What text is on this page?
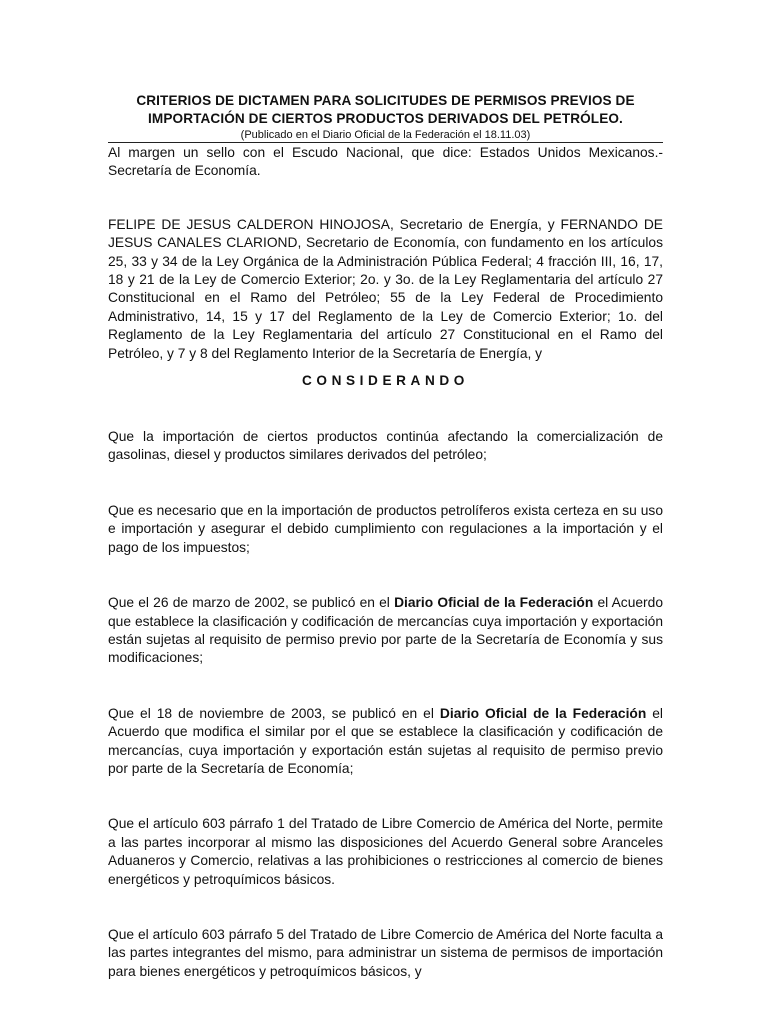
CRITERIOS DE DICTAMEN PARA SOLICITUDES DE PERMISOS PREVIOS DE
IMPORTACIÓN DE CIERTOS PRODUCTOS DERIVADOS DEL PETRÓLEO.
(Publicado en el Diario Oficial de la Federación el 18.11.03)

Al margen un sello con el Escudo Nacional, que dice: Estados Unidos Mexicanos.- Secretaría de Economía.

FELIPE DE JESUS CALDERON HINOJOSA, Secretario de Energía, y FERNANDO DE JESUS CANALES CLARIOND, Secretario de Economía, con fundamento en los artículos 25, 33 y 34 de la Ley Orgánica de la Administración Pública Federal; 4 fracción III, 16, 17, 18 y 21 de la Ley de Comercio Exterior; 2o. y 3o. de la Ley Reglamentaria del artículo 27 Constitucional en el Ramo del Petróleo; 55 de la Ley Federal de Procedimiento Administrativo, 14, 15 y 17 del Reglamento de la Ley de Comercio Exterior; 1o. del Reglamento de la Ley Reglamentaria del artículo 27 Constitucional en el Ramo del Petróleo, y 7 y 8 del Reglamento Interior de la Secretaría de Energía, y

CONSIDERANDO

Que la importación de ciertos productos continúa afectando la comercialización de gasolinas, diesel y productos similares derivados del petróleo;

Que es necesario que en la importación de productos petrolíferos exista certeza en su uso e importación y asegurar el debido cumplimiento con regulaciones a la importación y el pago de los impuestos;

Que el 26 de marzo de 2002, se publicó en el Diario Oficial de la Federación el Acuerdo que establece la clasificación y codificación de mercancías cuya importación y exportación están sujetas al requisito de permiso previo por parte de la Secretaría de Economía y sus modificaciones;

Que el 18 de noviembre de 2003, se publicó en el Diario Oficial de la Federación el Acuerdo que modifica el similar por el que se establece la clasificación y codificación de mercancías, cuya importación y exportación están sujetas al requisito de permiso previo por parte de la Secretaría de Economía;

Que el artículo 603 párrafo 1 del Tratado de Libre Comercio de América del Norte, permite a las partes incorporar al mismo las disposiciones del Acuerdo General sobre Aranceles Aduaneros y Comercio, relativas a las prohibiciones o restricciones al comercio de bienes energéticos y petroquímicos básicos.

Que el artículo 603 párrafo 5 del Tratado de Libre Comercio de América del Norte faculta a las partes integrantes del mismo, para administrar un sistema de permisos de importación para bienes energéticos y petroquímicos básicos, y
